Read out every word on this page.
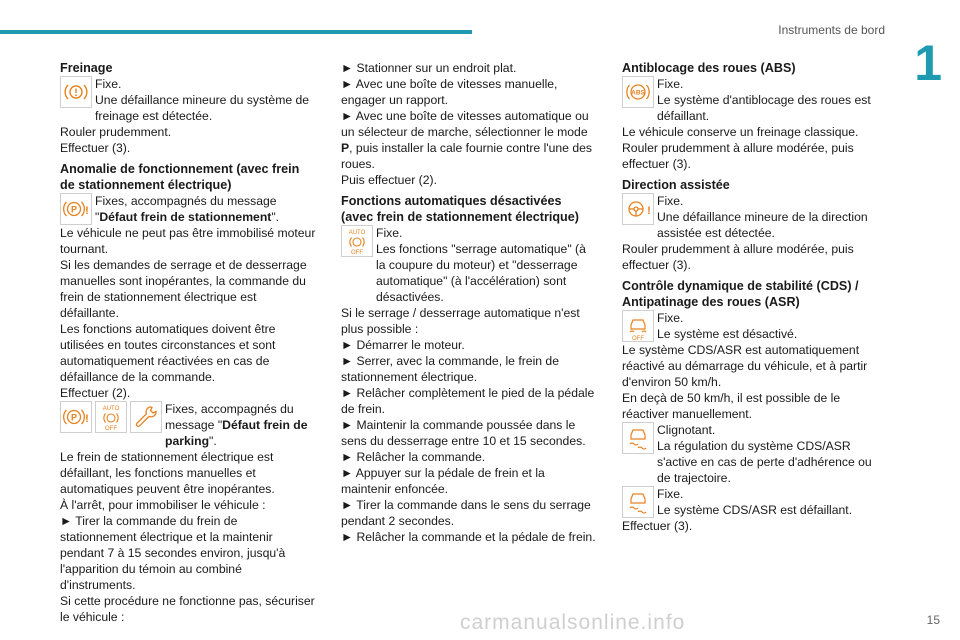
Instruments de bord
1
Freinage
Fixe.
Une défaillance mineure du système de freinage est détectée.

Rouler prudemment.

Effectuer (3).

Anomalie de fonctionnement (avec frein de stationnement électrique)
P !
Fixes, accompagnés du message "Défaut frein de stationnement".

Le véhicule ne peut pas être immobilisé moteur tournant.

Si les demandes de serrage et de desserrage manuelles sont inopérantes, la commande du frein de stationnement électrique est défaillante.

Les fonctions automatiques doivent être utilisées en toutes circonstances et sont automatiquement réactivées en cas de défaillance de la commande.

Effectuer (2).

P !
AUTO
OFF
Fixes, accompagnés du message "Défaut frein de parking".

Le frein de stationnement électrique est défaillant, les fonctions manuelles et automatiques peuvent être inopérantes.

À l'arrêt, pour immobiliser le véhicule :

► Tirer la commande du frein de stationnement électrique et la maintenir pendant 7 à 15 secondes environ, jusqu'à l'apparition du témoin au combiné d'instruments.

Si cette procédure ne fonctionne pas, sécuriser le véhicule :

► Stationner sur un endroit plat.

► Avec une boîte de vitesses manuelle, engager un rapport.

► Avec une boîte de vitesses automatique ou un sélecteur de marche, sélectionner le mode P, puis installer la cale fournie contre l'une des roues.

Puis effectuer (2).

Fonctions automatiques désactivées (avec frein de stationnement électrique)
AUTO
OFF
Fixe.
Les fonctions "serrage automatique" (à la coupure du moteur) et "desserrage automatique" (à l'accélération) sont désactivées.

Si le serrage / desserrage automatique n'est plus possible :

► Démarrer le moteur.

► Serrer, avec la commande, le frein de stationnement électrique.

► Relâcher complètement le pied de la pédale de frein.

► Maintenir la commande poussée dans le sens du desserrage entre 10 et 15 secondes.

► Relâcher la commande.

► Appuyer sur la pédale de frein et la maintenir enfoncée.

► Tirer la commande dans le sens du serrage pendant 2 secondes.

► Relâcher la commande et la pédale de frein.

Antiblocage des roues (ABS)
ABS
Fixe.
Le système d'antiblocage des roues est défaillant.

Le véhicule conserve un freinage classique.

Rouler prudemment à allure modérée, puis effectuer (3).

Direction assistée
!
Fixe.
Une défaillance mineure de la direction assistée est détectée.

Rouler prudemment à allure modérée, puis effectuer (3).

Contrôle dynamique de stabilité (CDS) / Antipatinage des roues (ASR)
OFF
Fixe.
Le système est désactivé.

Le système CDS/ASR est automatiquement réactivé au démarrage du véhicule, et à partir d'environ 50 km/h.

En deçà de 50 km/h, il est possible de le réactiver manuellement.

Clignotant.
La régulation du système CDS/ASR s'active en cas de perte d'adhérence ou de trajectoire.
Fixe.
Le système CDS/ASR est défaillant.

Effectuer (3).

carmanualsonline.info	15
